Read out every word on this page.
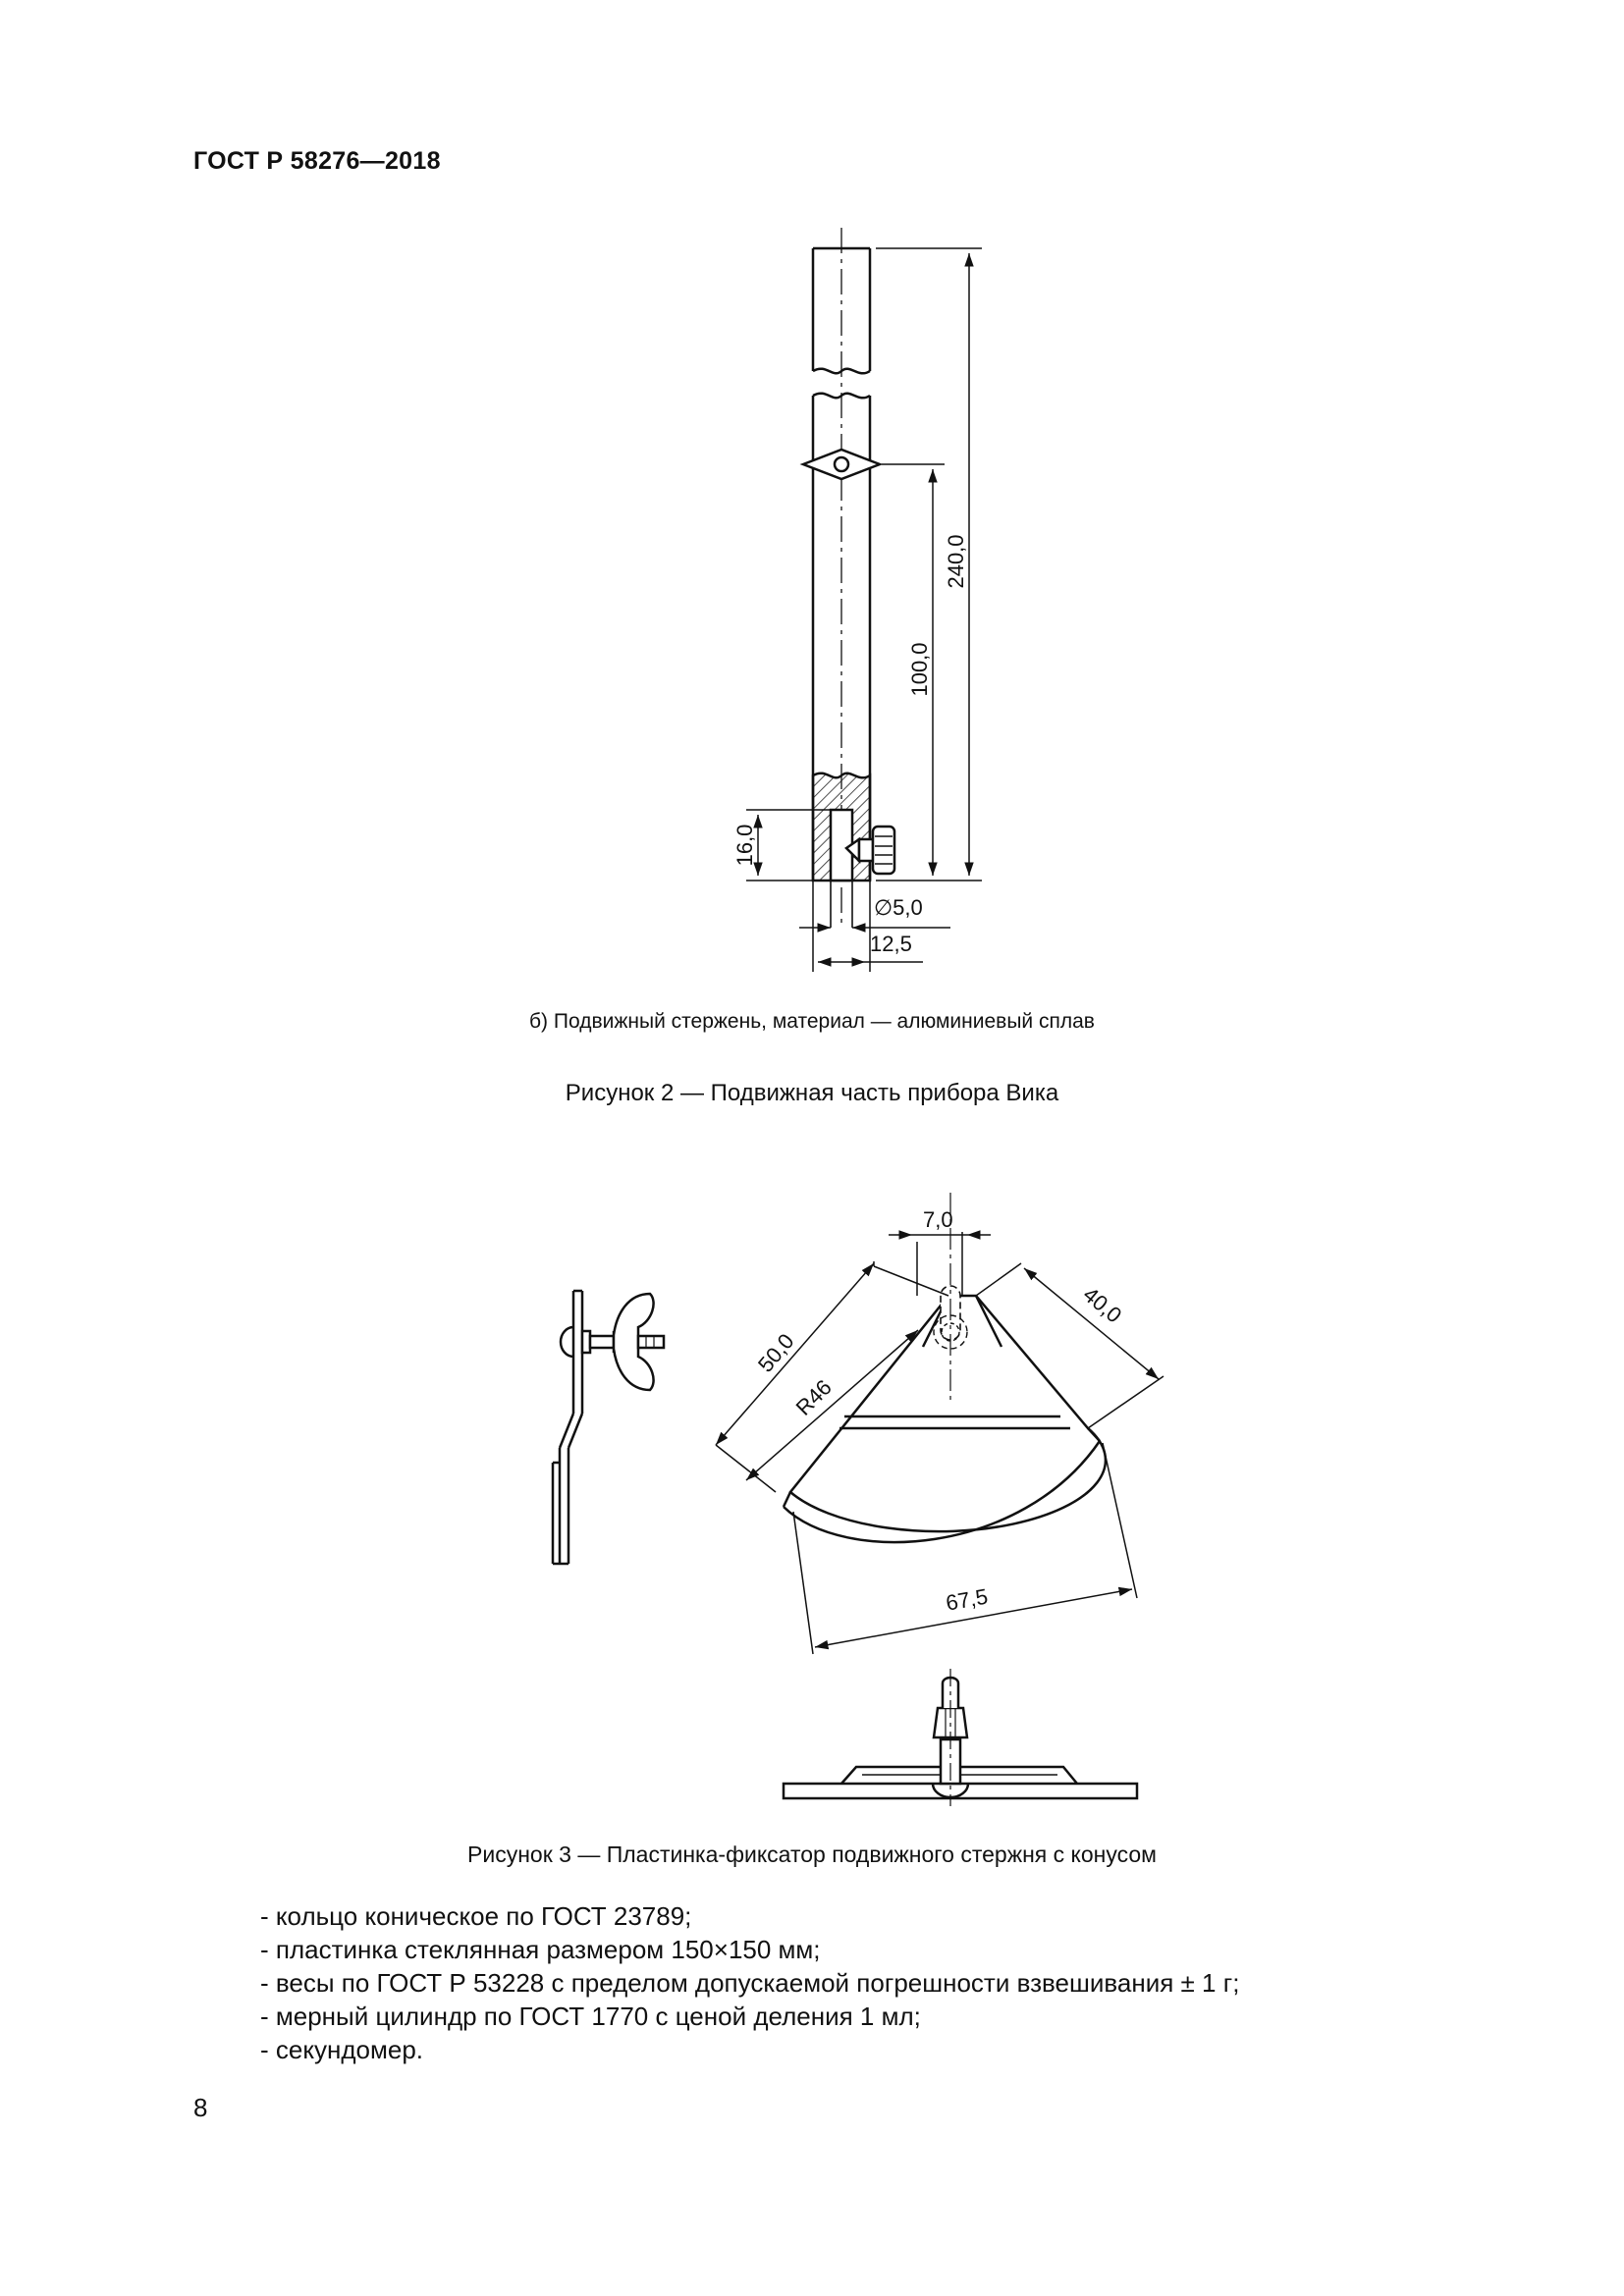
ГОСТ Р 58276—2018
240,0
100,0
16,0
∅5,0
12,5
7,0
50,0
R46
40,0
67,5
б) Подвижный стержень, материал — алюминиевый сплав
Рисунок 2 — Подвижная часть прибора Вика
Рисунок 3 — Пластинка-фиксатор подвижного стержня с конусом
- кольцо коническое по ГОСТ 23789;
- пластинка стеклянная размером 150×150 мм;
- весы по ГОСТ Р 53228 с пределом допускаемой погрешности взвешивания ± 1 г;
- мерный цилиндр по ГОСТ 1770 с ценой деления 1 мл;
- секундомер.
8
